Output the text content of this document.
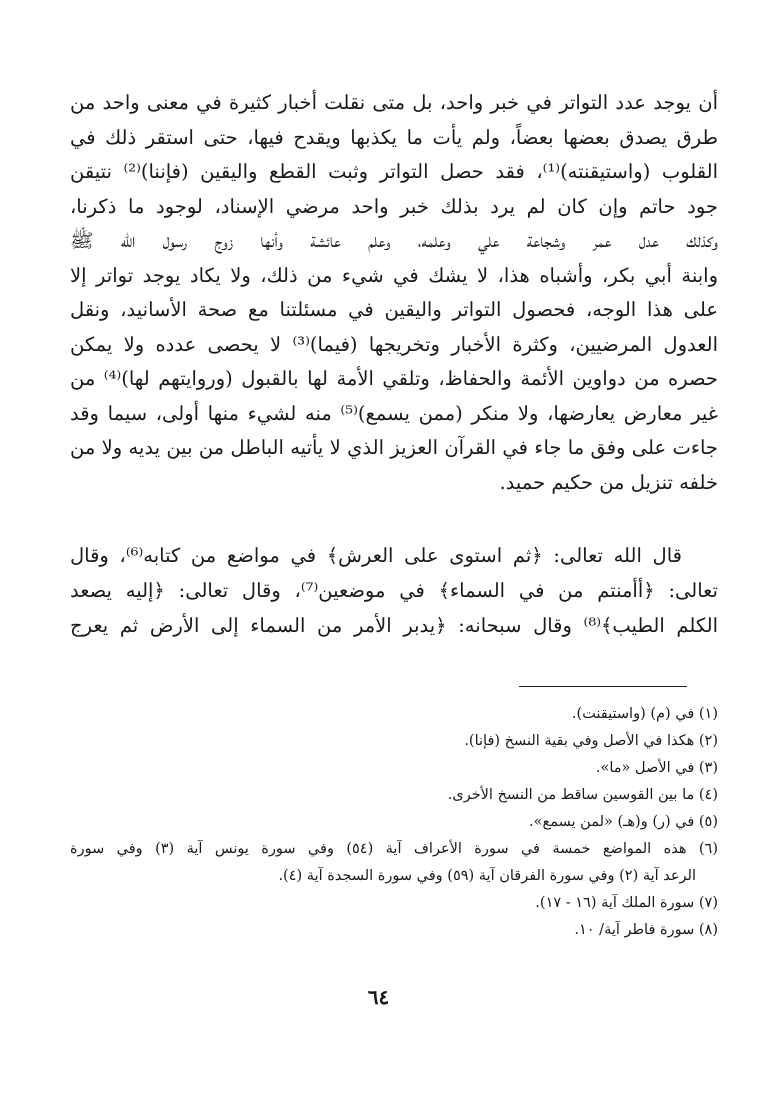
أن يوجد عدد التواتر في خبر واحد، بل متى نقلت أخبار كثيرة في معنى واحد من
طرق يصدق بعضها بعضاً، ولم يأت ما يكذبها ويقدح فيها، حتى استقر ذلك في
القلوب (واستيقنته)⁽¹⁾، فقد حصل التواتر وثبت القطع واليقين (فإننا)⁽²⁾ نتيقن
جود حاتم وإن كان لم يرد بذلك خبر واحد مرضي الإسناد، لوجود ما ذكرنا،
وكذلك عدل عمر وشجاعة علي وعلمه، وعلم عائشة وأنها زوج رسول الله ﷺ
وابنة أبي بكر، وأشباه هذا، لا يشك في شيء من ذلك، ولا يكاد يوجد تواتر إلا
على هذا الوجه، فحصول التواتر واليقين في مسئلتنا مع صحة الأسانيد، ونقل
العدول المرضيين، وكثرة الأخبار وتخريجها (فيما)⁽³⁾ لا يحصى عدده ولا يمكن
حصره من دواوين الأئمة والحفاظ، وتلقي الأمة لها بالقبول (وروايتهم لها)⁽⁴⁾ من
غير معارض يعارضها، ولا منكر (ممن يسمع)⁽⁵⁾ منه لشيء منها أولى، سيما وقد
جاءت على وفق ما جاء في القرآن العزيز الذي لا يأتيه الباطل من بين يديه ولا من
خلفه تنزيل من حكيم حميد.
قال الله تعالى: ﴿ثم استوى على العرش﴾ في مواضع من كتابه⁽⁶⁾، وقال
تعالى: ﴿أأمنتم من في السماء﴾ في موضعين⁽⁷⁾، وقال تعالى: ﴿إليه يصعد
الكلم الطيب﴾⁽⁸⁾ وقال سبحانه: ﴿يدبر الأمر من السماء إلى الأرض ثم يعرج
(١) في (م) (واستيقنت).
(٢) هكذا في الأصل وفي بقية النسخ (فإنا).
(٣) في الأصل «ما».
(٤) ما بين القوسين ساقط من النسخ الأخرى.
(٥) في (ر) و(هـ) «لمن يسمع».
(٦) هذه المواضع خمسة في سورة الأعراف آية (٥٤) وفي سورة يونس آية (٣) وفي سورة
الرعد آية (٢) وفي سورة الفرقان آية (٥٩) وفي سورة السجدة آية (٤).
(٧) سورة الملك آية (١٦ - ١٧).
(٨) سورة فاطر آية/ ١٠.
٦٤
